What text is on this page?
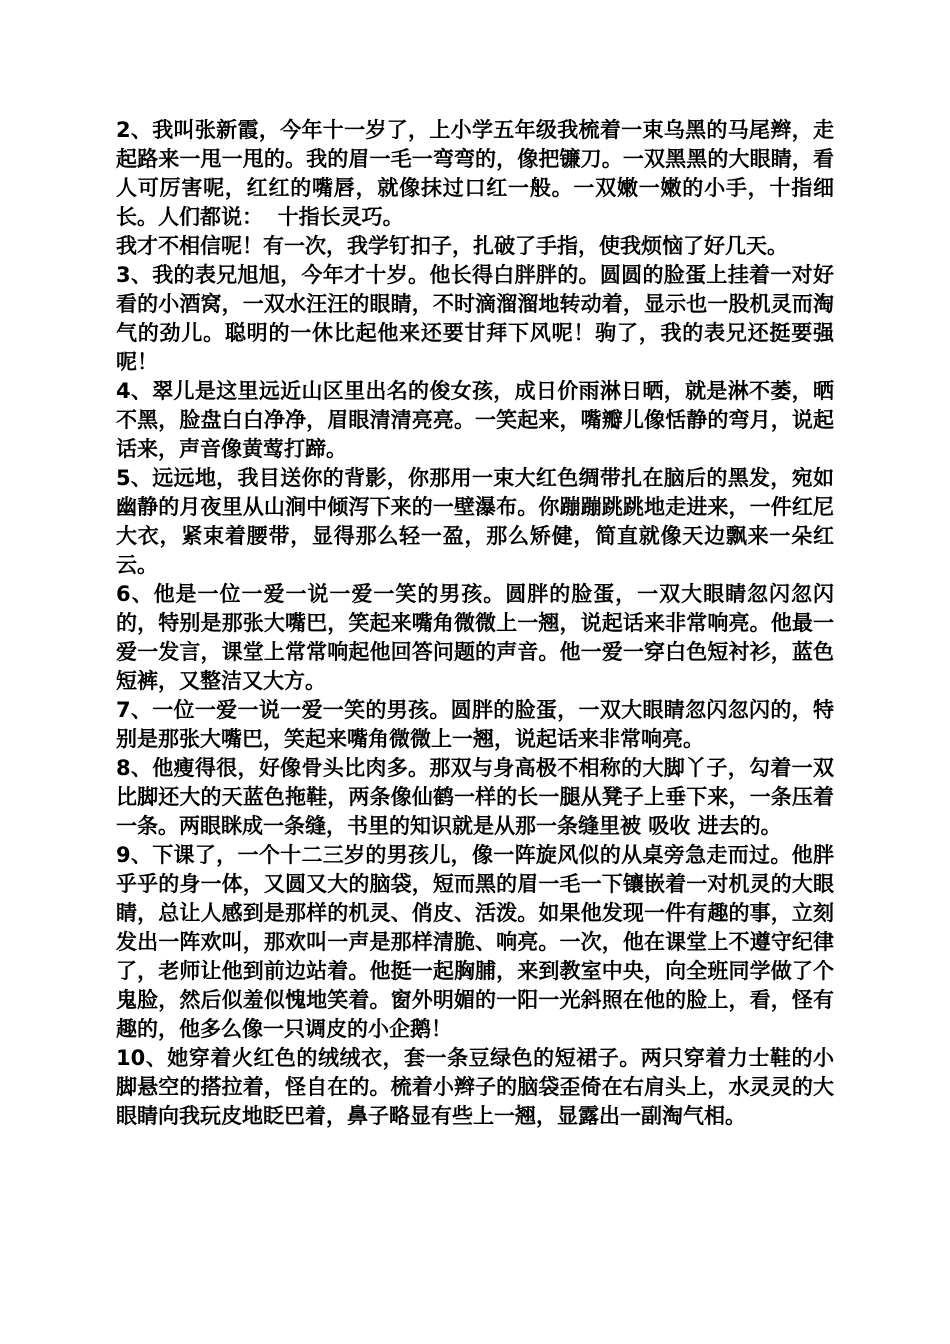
2、我叫张新霞，今年十一岁了，上小学五年级我梳着一束乌黑的马尾辫，走起路来一甩一甩的。我的眉一毛一弯弯的，像把镰刀。一双黑黑的大眼睛，看人可厉害呢，红红的嘴唇，就像抹过口红一般。一双嫩一嫩的小手，十指细长。人们都说：  十指长灵巧。

我才不相信呢！有一次，我学钉扣子，扎破了手指，使我烦恼了好几天。

3、我的表兄旭旭，今年才十岁。他长得白胖胖的。圆圆的脸蛋上挂着一对好看的小酒窝，一双水汪汪的眼睛，不时滴溜溜地转动着，显示也一股机灵而淘气的劲儿。聪明的一休比起他来还要甘拜下风呢！驹了，我的表兄还挺要强呢！

4、翠儿是这里远近山区里出名的俊女孩，成日价雨淋日晒，就是淋不萎，晒不黑，脸盘白白净净，眉眼清清亮亮。一笑起来，嘴瓣儿像恬静的弯月，说起话来，声音像黄莺打蹄。

5、远远地，我目送你的背影，你那用一束大红色绸带扎在脑后的黑发，宛如幽静的月夜里从山涧中倾泻下来的一壁瀑布。你蹦蹦跳跳地走进来，一件红尼大衣，紧束着腰带，显得那么轻一盈，那么矫健，简直就像天边飘来一朵红云。

6、他是一位一爱一说一爱一笑的男孩。圆胖的脸蛋，一双大眼睛忽闪忽闪的，特别是那张大嘴巴，笑起来嘴角微微上一翘，说起话来非常响亮。他最一爱一发言，课堂上常常响起他回答问题的声音。他一爱一穿白色短衬衫，蓝色短裤，又整洁又大方。

7、一位一爱一说一爱一笑的男孩。圆胖的脸蛋，一双大眼睛忽闪忽闪的，特别是那张大嘴巴，笑起来嘴角微微上一翘，说起话来非常响亮。

8、他瘦得很，好像骨头比肉多。那双与身高极不相称的大脚丫子，勾着一双比脚还大的天蓝色拖鞋，两条像仙鹤一样的长一腿从凳子上垂下来，一条压着一条。两眼眯成一条缝，书里的知识就是从那一条缝里被 吸收 进去的。

9、下课了，一个十二三岁的男孩儿，像一阵旋风似的从桌旁急走而过。他胖乎乎的身一体，又圆又大的脑袋，短而黑的眉一毛一下镶嵌着一对机灵的大眼睛，总让人感到是那样的机灵、俏皮、活泼。如果他发现一件有趣的事，立刻发出一阵欢叫，那欢叫一声是那样清脆、响亮。一次，他在课堂上不遵守纪律了，老师让他到前边站着。他挺一起胸脯，来到教室中央，向全班同学做了个鬼脸，然后似羞似愧地笑着。窗外明媚的一阳一光斜照在他的脸上，看，怪有趣的，他多么像一只调皮的小企鹅！

10、她穿着火红色的绒绒衣，套一条豆绿色的短裙子。两只穿着力士鞋的小脚悬空的搭拉着，怪自在的。梳着小辫子的脑袋歪倚在右肩头上，水灵灵的大眼睛向我玩皮地眨巴着，鼻子略显有些上一翘，显露出一副淘气相。
